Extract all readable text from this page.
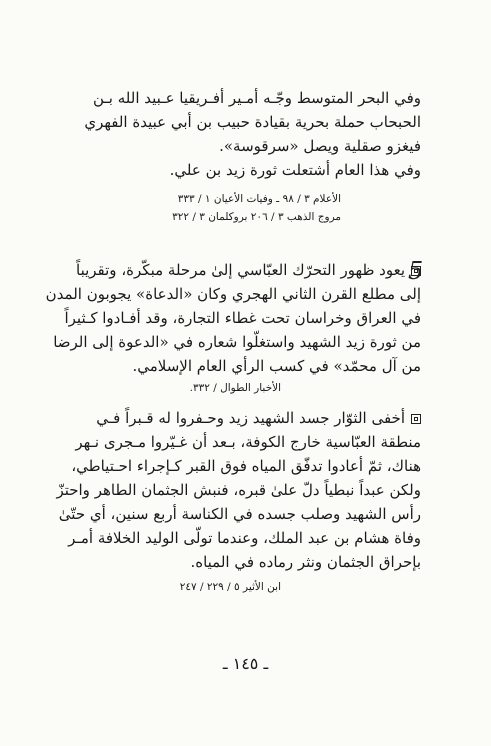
وفي البحر المتوسط وجّـه أمـير أفـريقيا عـبيد الله بـن

الحبحاب حملة بحرية بقيادة حبيب بن أبي عبيدة الفهري

فيغزو صقلية ويصل «سرقوسة».

وفي هذا العام أشتعلت ثورة زيد بن علي.

الأعلام ٣ / ٩٨ ـ وفيات الأعيان ١ / ٣٣٣

مروج الذهب ٣ / ٢٠٦ بروكلمان ٣ / ٣٢٢

5

يعود ظهور التحرّك العبّاسي إلىٰ مرحلة مبكّرة، وتقريباً

إلى مطلع القرن الثاني الهجري وكان «الدعاة» يجوبون المدن

في العراق وخراسان تحت غطاء التجارة، وقد أفـادوا كـثيراً

من ثورة زيد الشهيد واستغلّوا شعاره في «الدعوة إلى الرضا

من آل محمّد» في كسب الرأي العام الإسلامي.

الأخبار الطوال / ٣٣٢.

أخفى الثوّار جسد الشهيد زيد وحـفروا له قـبراً فـي

منطقة العبّاسية خارج الكوفة، بـعد أن غـيّروا مـجرى نـهر

هناك، ثمّ أعادوا تدفّق المياه فوق القبر كـإجراء احـتياطي،

ولكن عبداً نبطياً دلّ علىٰ قبره، فنبش الجثمان الطاهر واحتزّ

رأس الشهيد وصلب جسده في الكناسة أربع سنين، أي حتّىٰ

وفاة هشام بن عبد الملك، وعندما تولّى الوليد الخلافة أمـر

بإحراق الجثمان ونثر رماده في المياه.

ابن الأثير ٥ / ٢٢٩ / ٢٤٧

ـ ١٤٥ ـ
